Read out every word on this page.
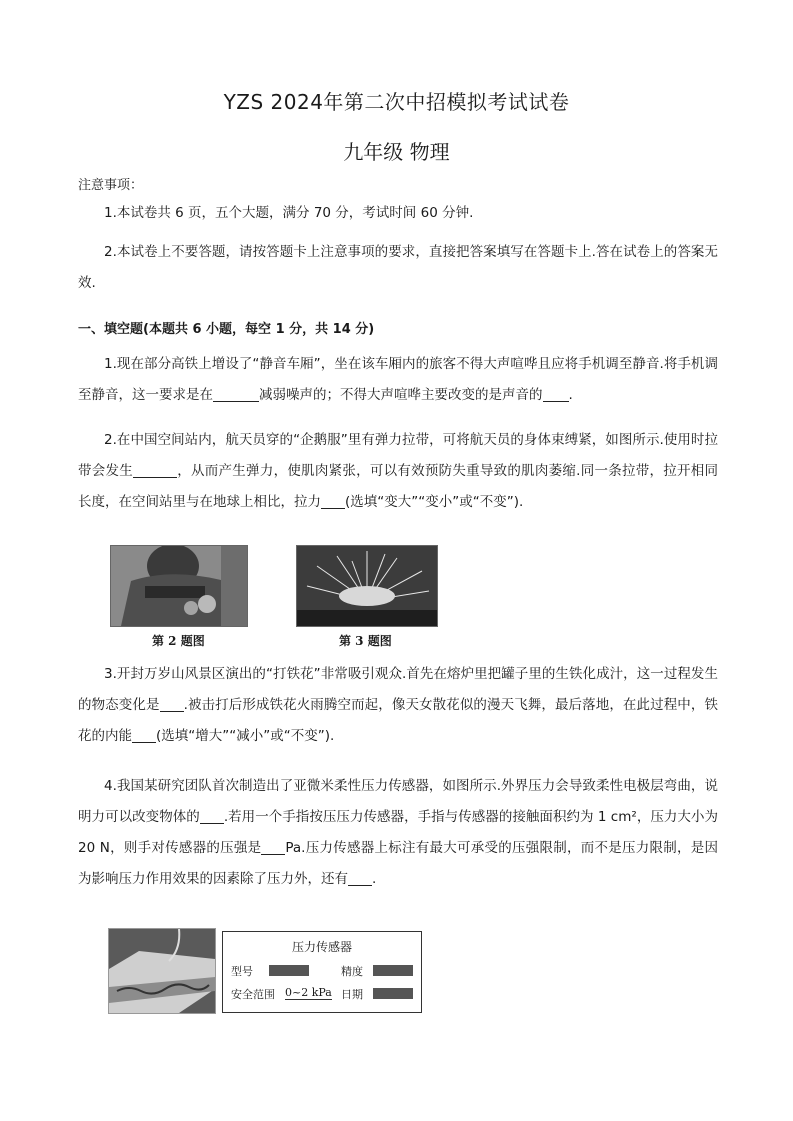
YZS 2024年第二次中招模拟考试试卷
九年级 物理
注意事项：
1.本试卷共 6 页，五个大题，满分 70 分，考试时间 60 分钟.
2.本试卷上不要答题，请按答题卡上注意事项的要求，直接把答案填写在答题卡上.答在试卷上的答案无效.
一、填空题(本题共 6 小题，每空 1 分，共 14 分)
1.现在部分高铁上增设了“静音车厢”，坐在该车厢内的旅客不得大声喧哗且应将手机调至静音.将手机调至静音，这一要求是在	减弱噪声的；不得大声喧哗主要改变的是声音的 .
2.在中国空间站内，航天员穿的“企鹅服”里有弹力拉带，可将航天员的身体束缚紧，如图所示.使用时拉带会发生	，从而产生弹力，使肌肉紧张，可以有效预防失重导致的肌肉萎缩.同一条拉带，拉开相同长度，在空间站里与在地球上相比，拉力 (选填“变大”“变小”或“不变”).
第 2 题图	第 3 题图
3.开封万岁山风景区演出的“打铁花”非常吸引观众.首先在熔炉里把罐子里的生铁化成汁，这一过程发生的物态变化是 .被击打后形成铁花火雨腾空而起，像天女散花似的漫天飞舞，最后落地，在此过程中，铁花的内能 (选填“增大”“减小”或“不变”).
4.我国某研究团队首次制造出了亚微米柔性压力传感器，如图所示.外界压力会导致柔性电极层弯曲，说明力可以改变物体的 .若用一个手指按压压力传感器，手指与传感器的接触面积约为 1 cm²，压力大小为 20 N，则手对传感器的压强是 Pa.压力传感器上标注有最大可承受的压强限制，而不是压力限制，是因为影响压力作用效果的因素除了压力外，还有 .
压力传感器
型号	精度
安全范围 0~2 kPa 日期
